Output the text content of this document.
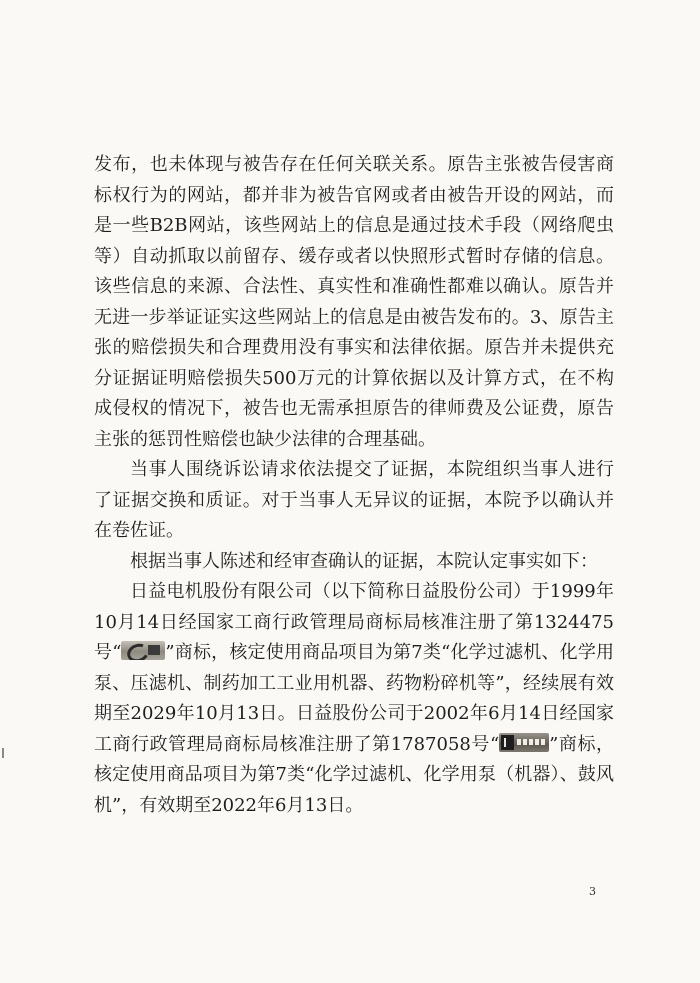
发布，也未体现与被告存在任何关联关系。原告主张被告侵害商标权行为的网站，都并非为被告官网或者由被告开设的网站，而是一些B2B网站，该些网站上的信息是通过技术手段（网络爬虫等）自动抓取以前留存、缓存或者以快照形式暂时存储的信息。该些信息的来源、合法性、真实性和准确性都难以确认。原告并无进一步举证证实这些网站上的信息是由被告发布的。3、原告主张的赔偿损失和合理费用没有事实和法律依据。原告并未提供充分证据证明赔偿损失500万元的计算依据以及计算方式，在不构成侵权的情况下，被告也无需承担原告的律师费及公证费，原告主张的惩罚性赔偿也缺少法律的合理基础。

当事人围绕诉讼请求依法提交了证据，本院组织当事人进行了证据交换和质证。对于当事人无异议的证据，本院予以确认并在卷佐证。

根据当事人陈述和经审查确认的证据，本院认定事实如下：

日益电机股份有限公司（以下简称日益股份公司）于1999年10月14日经国家工商行政管理局商标局核准注册了第1324475号“ ”商标，核定使用商品项目为第7类“化学过滤机、化学用泵、压滤机、制药加工工业用机器、药物粉碎机等”，经续展有效期至2029年10月13日。日益股份公司于2002年6月14日经国家工商行政管理局商标局核准注册了第1787058号“	”商标，核定使用商品项目为第7类“化学过滤机、化学用泵（机器）、鼓风机”，有效期至2022年6月13日。

3
